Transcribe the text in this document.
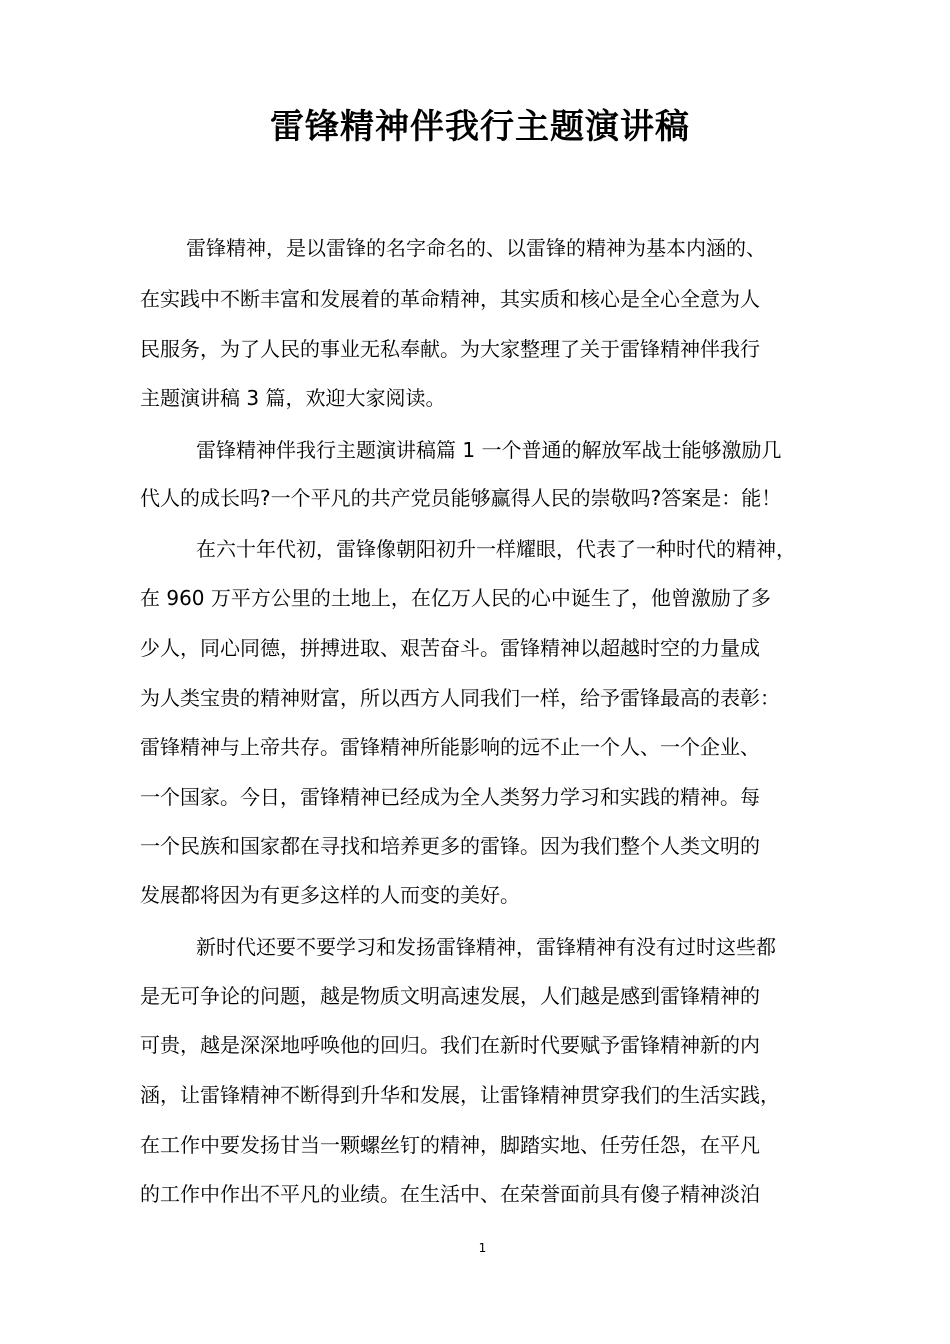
雷锋精神伴我行主题演讲稿

雷锋精神，是以雷锋的名字命名的、以雷锋的精神为基本内涵的、

在实践中不断丰富和发展着的革命精神，其实质和核心是全心全意为人

民服务，为了人民的事业无私奉献。为大家整理了关于雷锋精神伴我行

主题演讲稿 3 篇，欢迎大家阅读。

雷锋精神伴我行主题演讲稿篇 1 一个普通的解放军战士能够激励几

代人的成长吗?一个平凡的共产党员能够赢得人民的崇敬吗?答案是：能！

在六十年代初，雷锋像朝阳初升一样耀眼，代表了一种时代的精神，

在 960 万平方公里的土地上，在亿万人民的心中诞生了，他曾激励了多

少人，同心同德，拼搏进取、艰苦奋斗。雷锋精神以超越时空的力量成

为人类宝贵的精神财富，所以西方人同我们一样，给予雷锋最高的表彰：

雷锋精神与上帝共存。雷锋精神所能影响的远不止一个人、一个企业、

一个国家。今日，雷锋精神已经成为全人类努力学习和实践的精神。每

一个民族和国家都在寻找和培养更多的雷锋。因为我们整个人类文明的

发展都将因为有更多这样的人而变的美好。

新时代还要不要学习和发扬雷锋精神，雷锋精神有没有过时这些都

是无可争论的问题，越是物质文明高速发展，人们越是感到雷锋精神的

可贵，越是深深地呼唤他的回归。我们在新时代要赋予雷锋精神新的内

涵，让雷锋精神不断得到升华和发展，让雷锋精神贯穿我们的生活实践，

在工作中要发扬甘当一颗螺丝钉的精神，脚踏实地、任劳任怨，在平凡

的工作中作出不平凡的业绩。在生活中、在荣誉面前具有傻子精神淡泊

1
